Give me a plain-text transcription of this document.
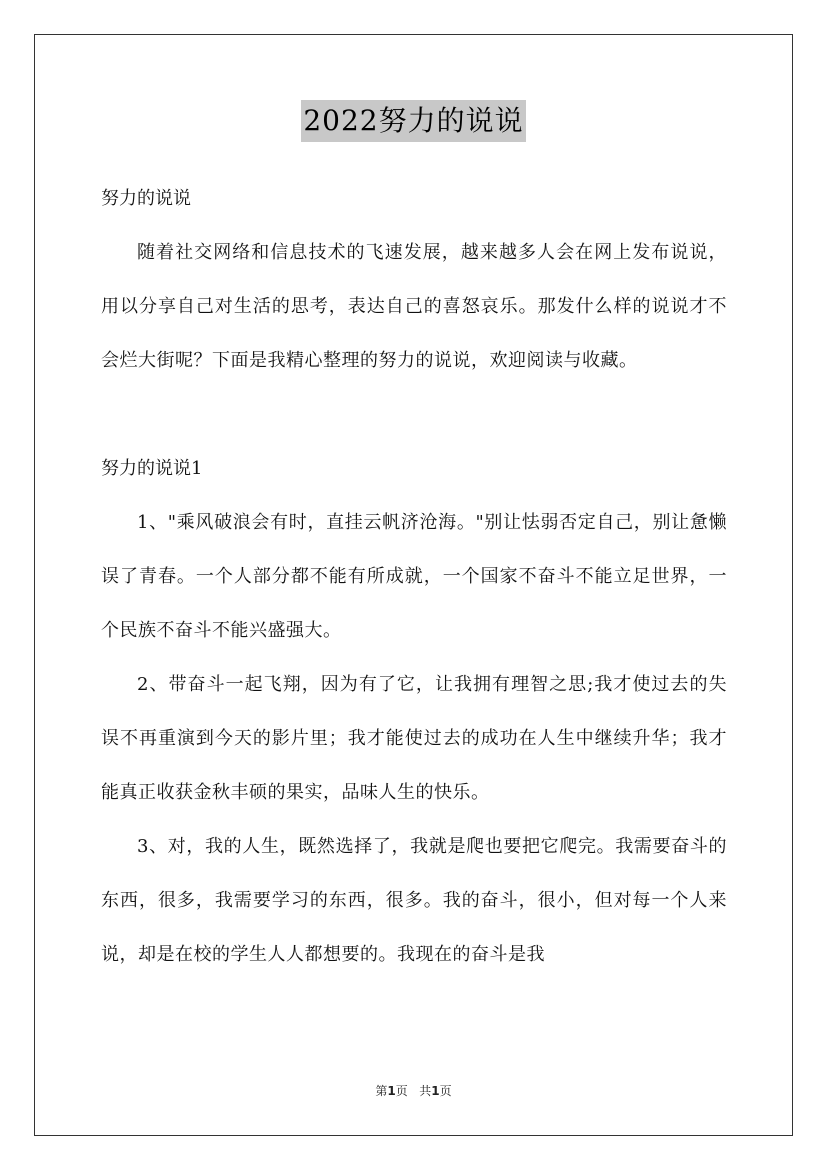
2022努力的说说

努力的说说

随着社交网络和信息技术的飞速发展，越来越多人会在网上发布说说，用以分享自己对生活的思考，表达自己的喜怒哀乐。那发什么样的说说才不会烂大街呢？下面是我精心整理的努力的说说，欢迎阅读与收藏。

努力的说说1

1、"乘风破浪会有时，直挂云帆济沧海。"别让怯弱否定自己，别让惫懒误了青春。一个人部分都不能有所成就，一个国家不奋斗不能立足世界，一个民族不奋斗不能兴盛强大。

2、带奋斗一起飞翔，因为有了它，让我拥有理智之思;我才使过去的失误不再重演到今天的影片里；我才能使过去的成功在人生中继续升华；我才能真正收获金秋丰硕的果实，品味人生的快乐。

3、对，我的人生，既然选择了，我就是爬也要把它爬完。我需要奋斗的东西，很多，我需要学习的东西，很多。我的奋斗，很小，但对每一个人来说，却是在校的学生人人都想要的。我现在的奋斗是我

第1页 共1页
